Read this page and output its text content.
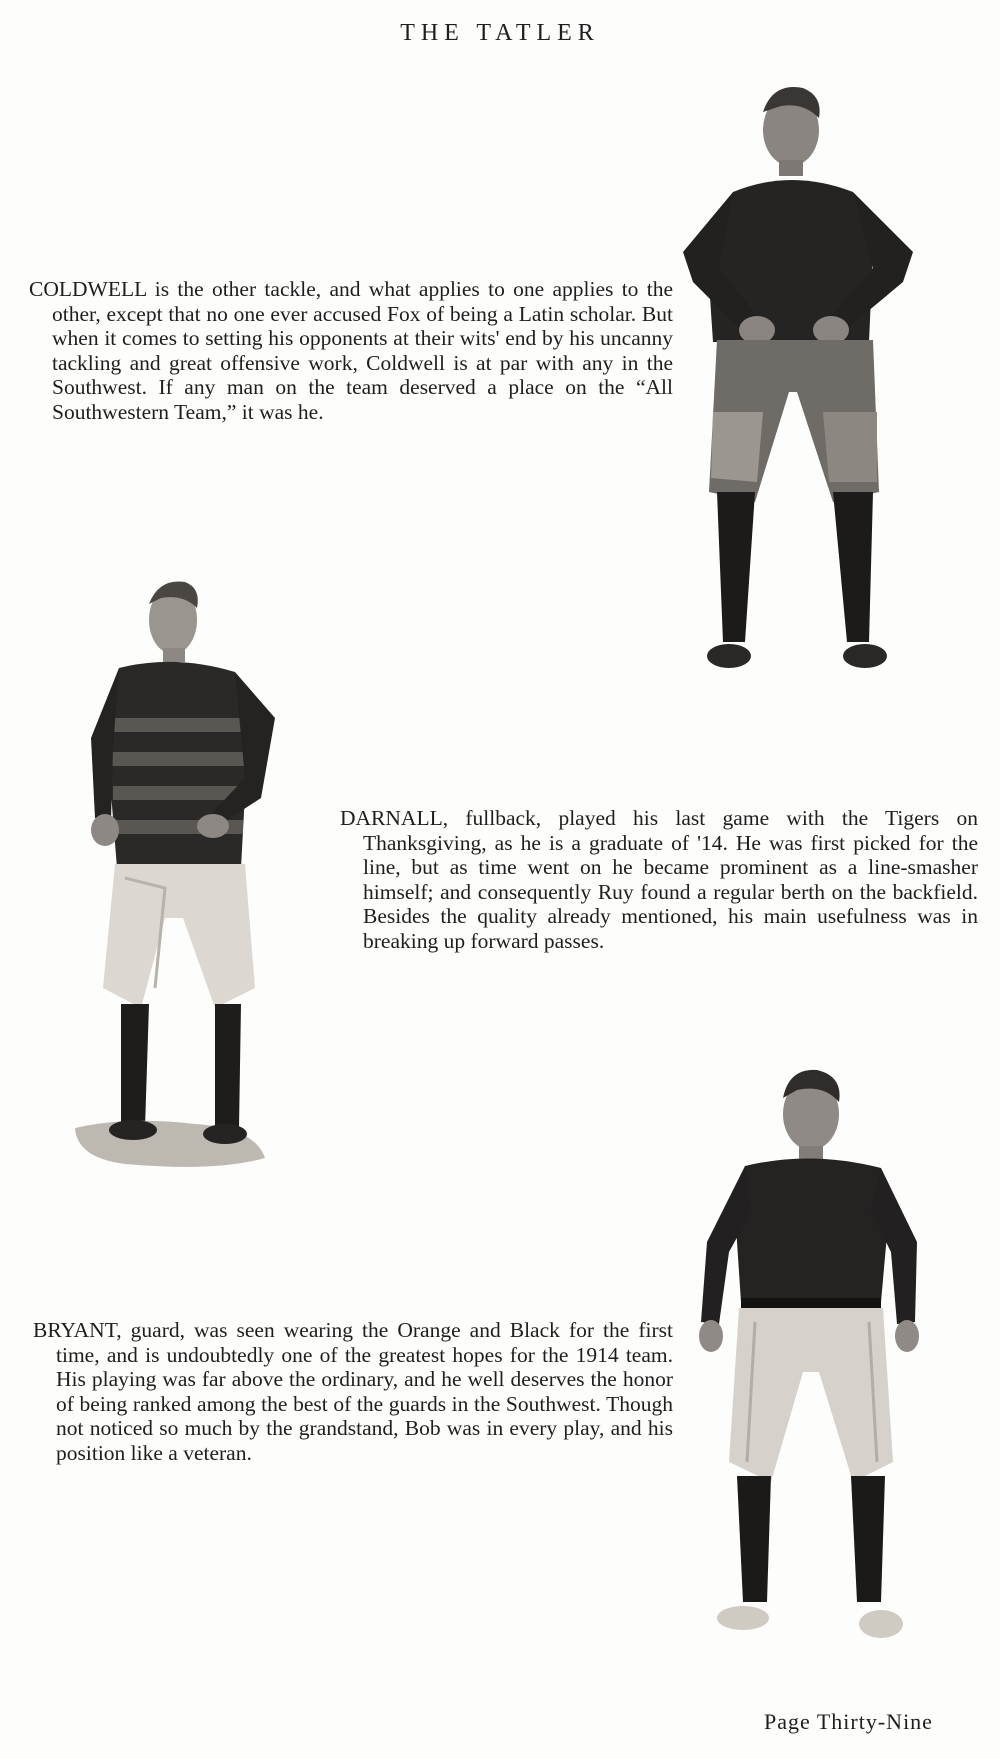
THE TATLER

COLDWELL is the other tackle, and what applies to one applies to the other, except that no one ever accused Fox of being a Latin scholar. But when it comes to setting his opponents at their wits' end by his uncanny tackling and great offensive work, Coldwell is at par with any in the Southwest. If any man on the team deserved a place on the “All Southwestern Team,” it was he.

DARNALL, fullback, played his last game with the Tigers on Thanksgiving, as he is a graduate of '14. He was first picked for the line, but as time went on he became prominent as a line-smasher himself; and consequently Ruy found a regular berth on the backfield. Besides the quality already mentioned, his main usefulness was in breaking up forward passes.

BRYANT, guard, was seen wearing the Orange and Black for the first time, and is undoubtedly one of the greatest hopes for the 1914 team. His playing was far above the ordinary, and he well deserves the honor of being ranked among the best of the guards in the Southwest. Though not noticed so much by the grandstand, Bob was in every play, and his position like a veteran.

Page Thirty-Nine
